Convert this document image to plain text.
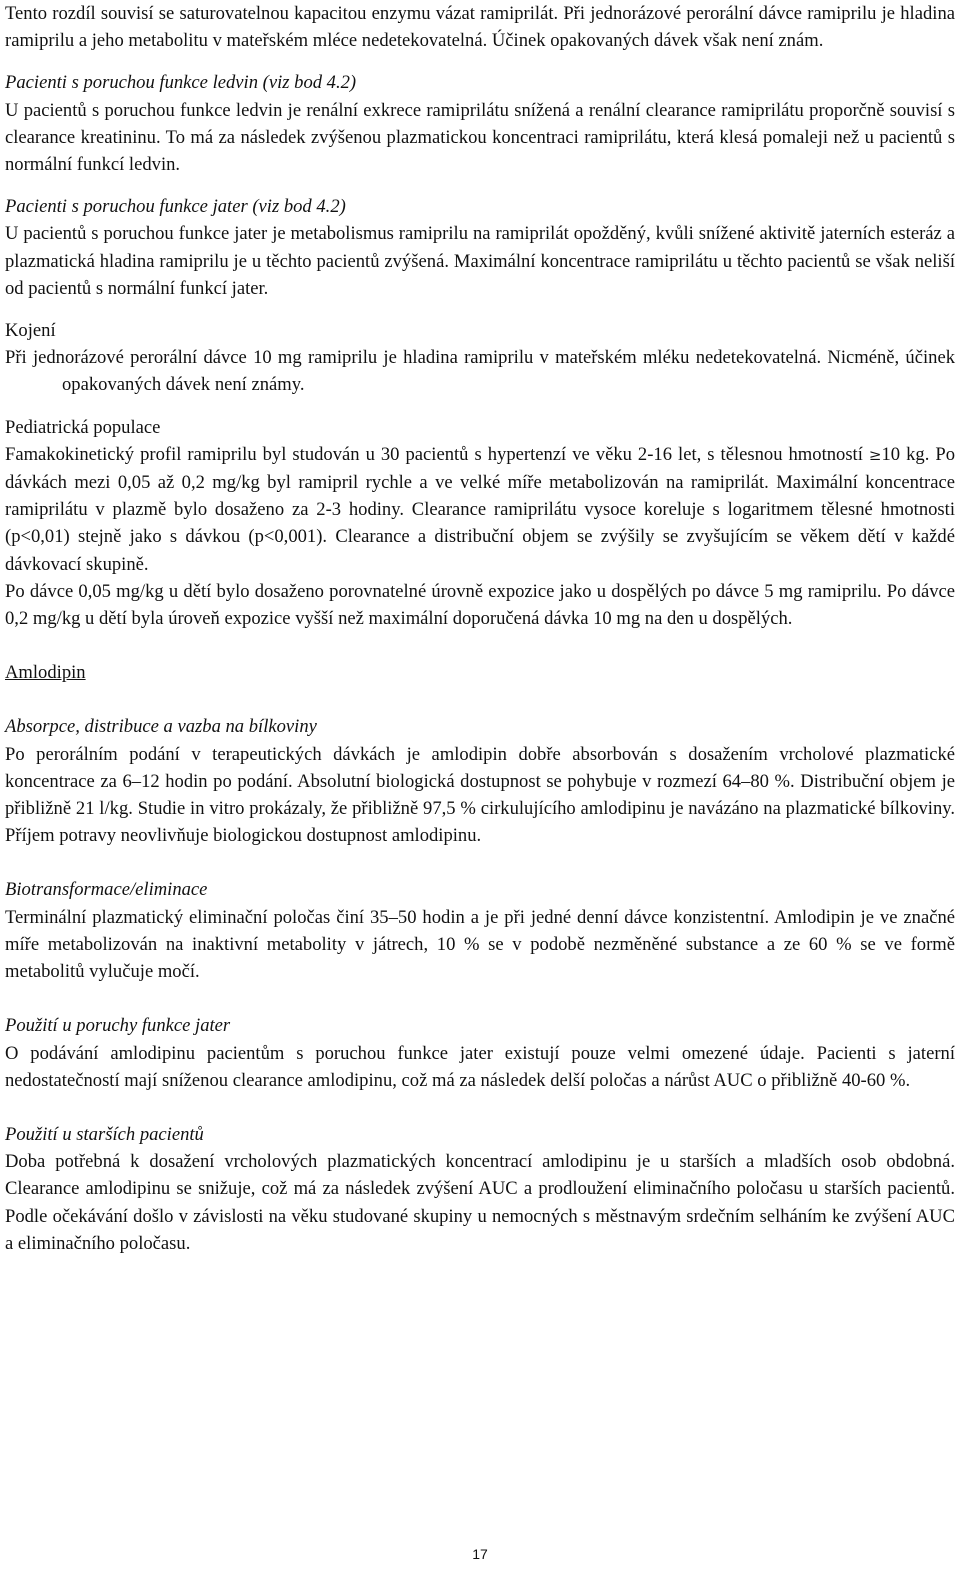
Tento rozdíl souvisí se saturovatelnou kapacitou enzymu vázat ramiprilát. Při jednorázové perorální dávce ramiprilu je hladina ramiprilu a jeho metabolitu v mateřském mléce nedetekovatelná. Účinek opakovaných dávek však není znám.

Pacienti s poruchou funkce ledvin (viz bod 4.2)

U pacientů s poruchou funkce ledvin je renální exkrece ramiprilátu snížená a renální clearance ramiprilátu proporčně souvisí s clearance kreatininu. To má za následek zvýšenou plazmatickou koncentraci ramiprilátu, která klesá pomaleji než u pacientů s normální funkcí ledvin.

Pacienti s poruchou funkce jater (viz bod 4.2)

U pacientů s poruchou funkce jater je metabolismus ramiprilu na ramiprilát opožděný, kvůli snížené aktivitě jaterních esteráz a plazmatická hladina ramiprilu je u těchto pacientů zvýšená. Maximální koncentrace ramiprilátu u těchto pacientů se však neliší od pacientů s normální funkcí jater.

Kojení

Při jednorázové perorální dávce 10 mg ramiprilu je hladina ramiprilu v mateřském mléku nedetekovatelná. Nicméně, účinek opakovaných dávek není známy.

Pediatrická populace

Famakokinetický profil ramiprilu byl studován u 30 pacientů s hypertenzí ve věku 2-16 let, s tělesnou hmotností ≥10 kg. Po dávkách mezi 0,05 až 0,2 mg/kg byl ramipril rychle a ve velké míře metabolizován na ramiprilát. Maximální koncentrace ramiprilátu v plazmě bylo dosaženo za 2-3 hodiny. Clearance ramiprilátu vysoce koreluje s logaritmem tělesné hmotnosti (p<0,01) stejně jako s dávkou (p<0,001). Clearance a distribuční objem se zvýšily se zvyšujícím se věkem dětí v každé dávkovací skupině.

Po dávce 0,05 mg/kg u dětí bylo dosaženo porovnatelné úrovně expozice jako u dospělých po dávce 5 mg ramiprilu. Po dávce 0,2 mg/kg u dětí byla úroveň expozice vyšší než maximální doporučená dávka 10 mg na den u dospělých.

Amlodipin

Absorpce, distribuce a vazba na bílkoviny

Po perorálním podání v terapeutických dávkách je amlodipin dobře absorbován s dosažením vrcholové plazmatické koncentrace za 6–12 hodin po podání. Absolutní biologická dostupnost se pohybuje v rozmezí 64–80 %. Distribuční objem je přibližně 21 l/kg. Studie in vitro prokázaly, že přibližně 97,5 % cirkulujícího amlodipinu je navázáno na plazmatické bílkoviny. Příjem potravy neovlivňuje biologickou dostupnost amlodipinu.

Biotransformace/eliminace

Terminální plazmatický eliminační poločas činí 35–50 hodin a je při jedné denní dávce konzistentní. Amlodipin je ve značné míře metabolizován na inaktivní metabolity v játrech, 10 % se v podobě nezměněné substance a ze 60 % se ve formě metabolitů vylučuje močí.

Použití u poruchy funkce jater

O podávání amlodipinu pacientům s poruchou funkce jater existují pouze velmi omezené údaje. Pacienti s jaterní nedostatečností mají sníženou clearance amlodipinu, což má za následek delší poločas a nárůst AUC o přibližně 40-60 %.

Použití u starších pacientů

Doba potřebná k dosažení vrcholových plazmatických koncentrací amlodipinu je u starších a mladších osob obdobná. Clearance amlodipinu se snižuje, což má za následek zvýšení AUC a prodloužení eliminačního poločasu u starších pacientů. Podle očekávání došlo v závislosti na věku studované skupiny u nemocných s městnavým srdečním selháním ke zvýšení AUC a eliminačního poločasu.

17
